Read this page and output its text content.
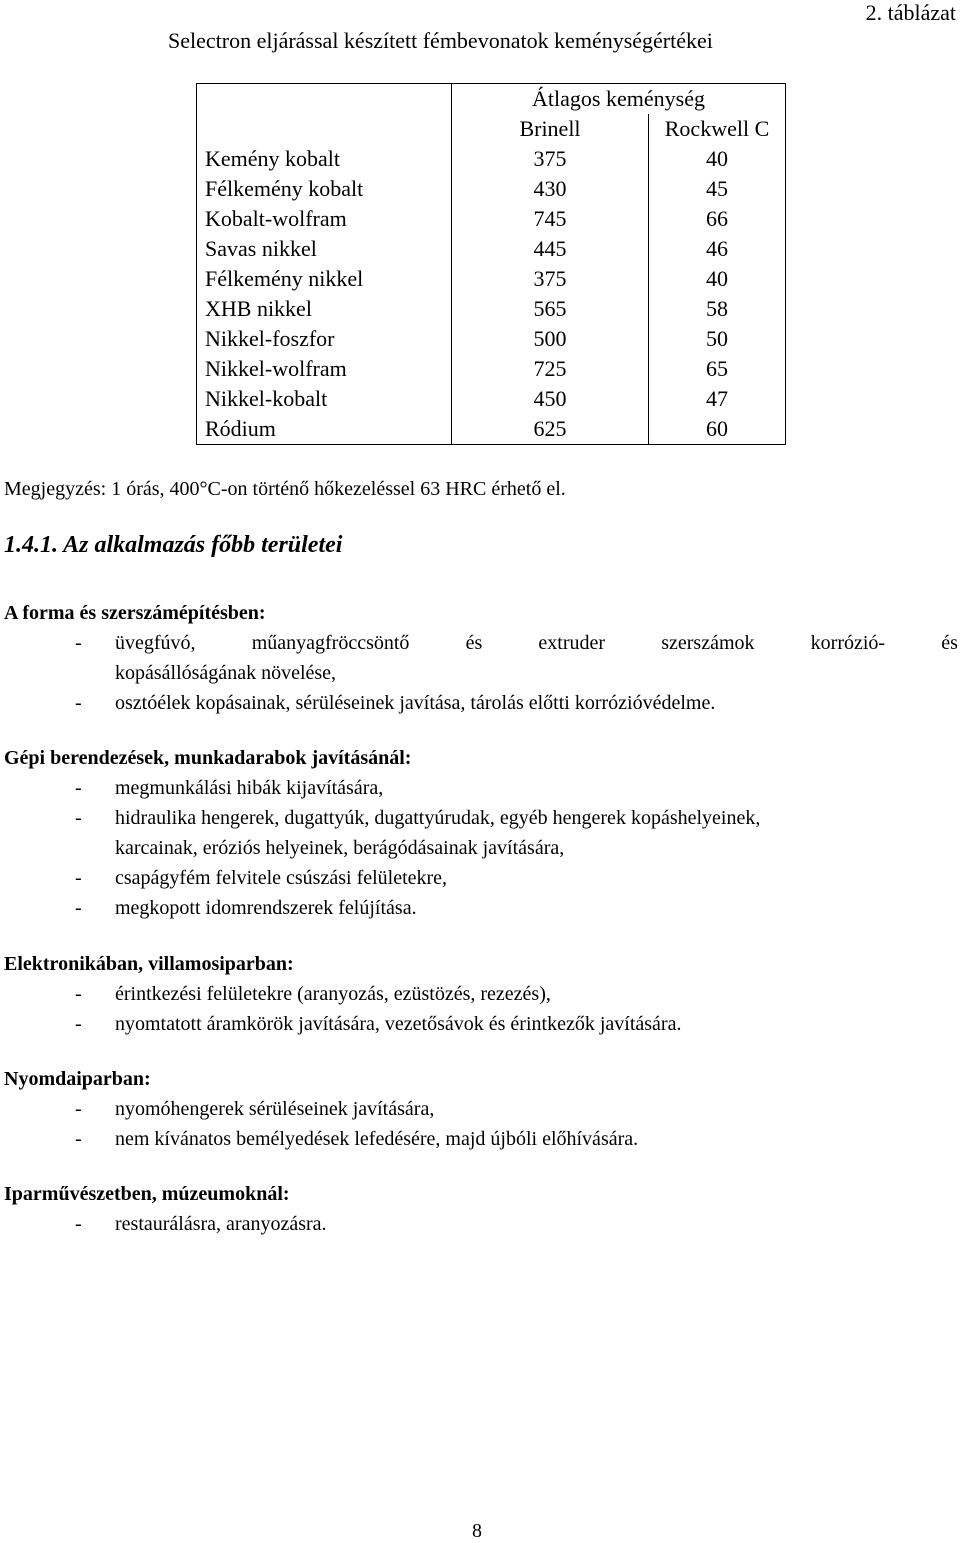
2. táblázat
Selectron eljárással készített fémbevonatok keménységértékei
	Átlagos keménység	
	Brinell	Rockwell C
Kemény kobalt	375	40
Félkemény kobalt	430	45
Kobalt-wolfram	745	66
Savas nikkel	445	46
Félkemény nikkel	375	40
XHB nikkel	565	58
Nikkel-foszfor	500	50
Nikkel-wolfram	725	65
Nikkel-kobalt	450	47
Ródium	625	60
Megjegyzés: 1 órás, 400°C-on történő hőkezeléssel 63 HRC érhető el.
1.4.1. Az alkalmazás főbb területei
A forma és szerszámépítésben:
- üvegfúvó,	műanyagfröccsöntő	és	extruder	szerszámok	korrózió-	és
kopásállóságának növelése,
- osztóélek kopásainak, sérüléseinek javítása, tárolás előtti korrózióvédelme.
Gépi berendezések, munkadarabok javításánál:
- megmunkálási hibák kijavítására,
- hidraulika hengerek, dugattyúk, dugattyúrudak, egyéb hengerek kopáshelyeinek,
karcainak, eróziós helyeinek, berágódásainak javítására,
- csapágyfém felvitele csúszási felületekre,
- megkopott idomrendszerek felújítása.
Elektronikában, villamosiparban:
- érintkezési felületekre (aranyozás, ezüstözés, rezezés),
- nyomtatott áramkörök javítására, vezetősávok és érintkezők javítására.
Nyomdaiparban:
- nyomóhengerek sérüléseinek javítására,
- nem kívánatos bemélyedések lefedésére, majd újbóli előhívására.
Iparművészetben, múzeumoknál:
- restaurálásra, aranyozásra.
8
